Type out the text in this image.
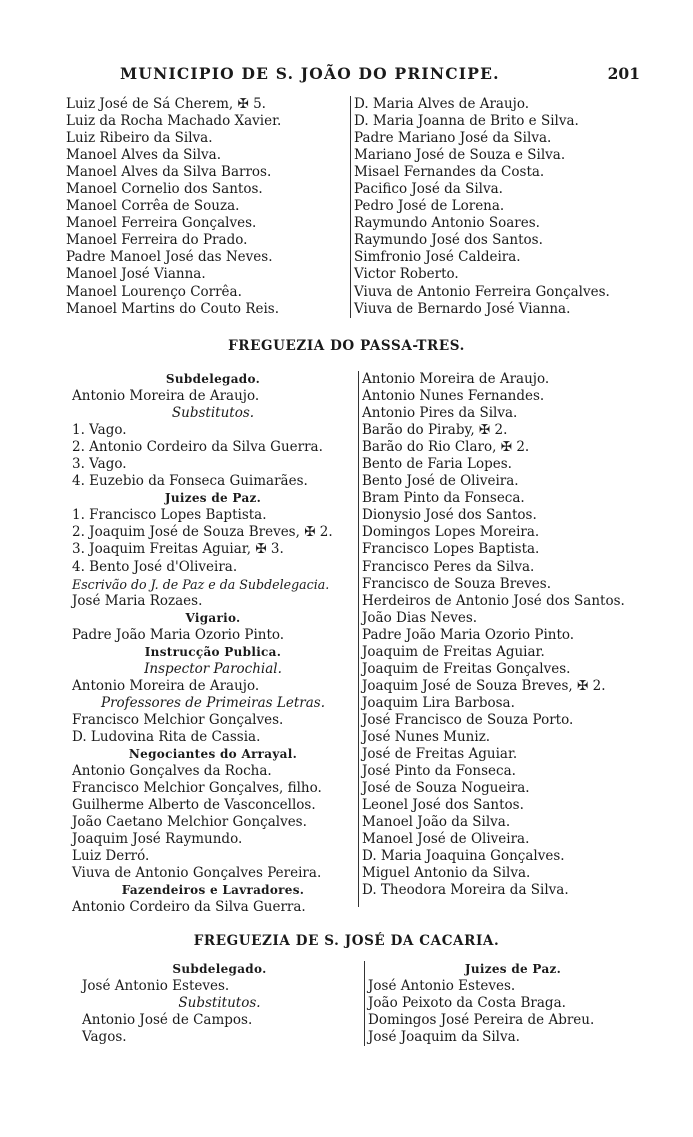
MUNICIPIO DE S. JOÃO DO PRINCIPE.	201
Luiz José de Sá Cherem, ✠ 5.
Luiz da Rocha Machado Xavier.
Luiz Ribeiro da Silva.
Manoel Alves da Silva.
Manoel Alves da Silva Barros.
Manoel Cornelio dos Santos.
Manoel Corrêa de Souza.
Manoel Ferreira Gonçalves.
Manoel Ferreira do Prado.
Padre Manoel José das Neves.
Manoel José Vianna.
Manoel Lourenço Corrêa.
Manoel Martins do Couto Reis.
D. Maria Alves de Araujo.
D. Maria Joanna de Brito e Silva.
Padre Mariano José da Silva.
Mariano José de Souza e Silva.
Misael Fernandes da Costa.
Pacifico José da Silva.
Pedro José de Lorena.
Raymundo Antonio Soares.
Raymundo José dos Santos.
Simfronio José Caldeira.
Victor Roberto.
Viuva de Antonio Ferreira Gonçalves.
Viuva de Bernardo José Vianna.
FREGUEZIA DO PASSA-TRES.
Subdelegado.
Antonio Moreira de Araujo.
Substitutos.
1. Vago.
2. Antonio Cordeiro da Silva Guerra.
3. Vago.
4. Euzebio da Fonseca Guimarães.
Juizes de Paz.
1. Francisco Lopes Baptista.
2. Joaquim José de Souza Breves, ✠ 2.
3. Joaquim Freitas Aguiar, ✠ 3.
4. Bento José d'Oliveira.
Escrivão do J. de Paz e da Subdelegacia.
José Maria Rozaes.
Vigario.
Padre João Maria Ozorio Pinto.
Instrucção Publica.
Inspector Parochial.
Antonio Moreira de Araujo.
Professores de Primeiras Letras.
Francisco Melchior Gonçalves.
D. Ludovina Rita de Cassia.
Negociantes do Arrayal.
Antonio Gonçalves da Rocha.
Francisco Melchior Gonçalves, filho.
Guilherme Alberto de Vasconcellos.
João Caetano Melchior Gonçalves.
Joaquim José Raymundo.
Luiz Derró.
Viuva de Antonio Gonçalves Pereira.
Fazendeiros e Lavradores.
Antonio Cordeiro da Silva Guerra.
Antonio Moreira de Araujo.
Antonio Nunes Fernandes.
Antonio Pires da Silva.
Barão do Piraby, ✠ 2.
Barão do Rio Claro, ✠ 2.
Bento de Faria Lopes.
Bento José de Oliveira.
Bram Pinto da Fonseca.
Dionysio José dos Santos.
Domingos Lopes Moreira.
Francisco Lopes Baptista.
Francisco Peres da Silva.
Francisco de Souza Breves.
Herdeiros de Antonio José dos Santos.
João Dias Neves.
Padre João Maria Ozorio Pinto.
Joaquim de Freitas Aguiar.
Joaquim de Freitas Gonçalves.
Joaquim José de Souza Breves, ✠ 2.
Joaquim Lira Barbosa.
José Francisco de Souza Porto.
José Nunes Muniz.
José de Freitas Aguiar.
José Pinto da Fonseca.
José de Souza Nogueira.
Leonel José dos Santos.
Manoel João da Silva.
Manoel José de Oliveira.
D. Maria Joaquina Gonçalves.
Miguel Antonio da Silva.
D. Theodora Moreira da Silva.
FREGUEZIA DE S. JOSÉ DA CACARIA.
Subdelegado.
José Antonio Esteves.
Substitutos.
Antonio José de Campos.
Vagos.
Juizes de Paz.
José Antonio Esteves.
João Peixoto da Costa Braga.
Domingos José Pereira de Abreu.
José Joaquim da Silva.
